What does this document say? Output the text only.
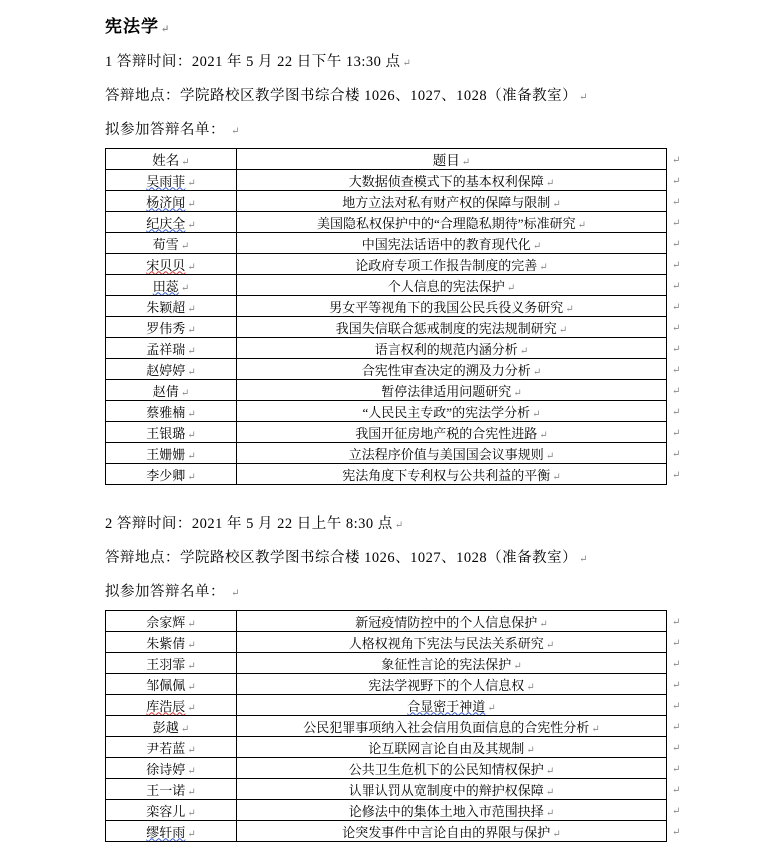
宪法学 ↵
1 答辩时间：2021 年 5 月 22 日下午 13:30 点 ↵
答辩地点：学院路校区教学图书综合楼 1026、1027、1028（准备教室） ↵
拟参加答辩名单： ↵
姓名 ↵	题目 ↵	↵
吴雨菲 ↵	大数据侦查模式下的基本权利保障 ↵	↵
杨济闻 ↵	地方立法对私有财产权的保障与限制 ↵	↵
纪庆全 ↵	美国隐私权保护中的“合理隐私期待”标准研究 ↵	↵
荀雪 ↵	中国宪法话语中的教育现代化 ↵	↵
宋贝贝 ↵	论政府专项工作报告制度的完善 ↵	↵
田蕊 ↵	个人信息的宪法保护 ↵	↵
朱颖超 ↵	男女平等视角下的我国公民兵役义务研究 ↵	↵
罗伟秀 ↵	我国失信联合惩戒制度的宪法规制研究 ↵	↵
孟祥瑞 ↵	语言权利的规范内涵分析 ↵	↵
赵婷婷 ↵	合宪性审查决定的溯及力分析 ↵	↵
赵倩 ↵	暂停法律适用问题研究 ↵	↵
蔡雅楠 ↵	“人民民主专政”的宪法学分析 ↵	↵
王银璐 ↵	我国开征房地产税的合宪性进路 ↵	↵
王姗姗 ↵	立法程序价值与美国国会议事规则 ↵	↵
李少卿 ↵	宪法角度下专利权与公共利益的平衡 ↵	↵
2 答辩时间：2021 年 5 月 22 日上午 8:30 点 ↵
答辩地点：学院路校区教学图书综合楼 1026、1027、1028（准备教室） ↵
拟参加答辩名单： ↵
佘家辉 ↵	新冠疫情防控中的个人信息保护 ↵	↵
朱紫倩 ↵	人格权视角下宪法与民法关系研究 ↵	↵
王羽霏 ↵	象征性言论的宪法保护 ↵	↵
邹佩佩 ↵	宪法学视野下的个人信息权 ↵	↵
库浩辰 ↵	合显密于神道 ↵	↵
彭越 ↵	公民犯罪事项纳入社会信用负面信息的合宪性分析 ↵	↵
尹若蓝 ↵	论互联网言论自由及其规制 ↵	↵
徐诗婷 ↵	公共卫生危机下的公民知情权保护 ↵	↵
王一诺 ↵	认罪认罚从宽制度中的辩护权保障 ↵	↵
栾容儿 ↵	论修法中的集体土地入市范围抉择 ↵	↵
缪轩雨 ↵	论突发事件中言论自由的界限与保护 ↵	↵
